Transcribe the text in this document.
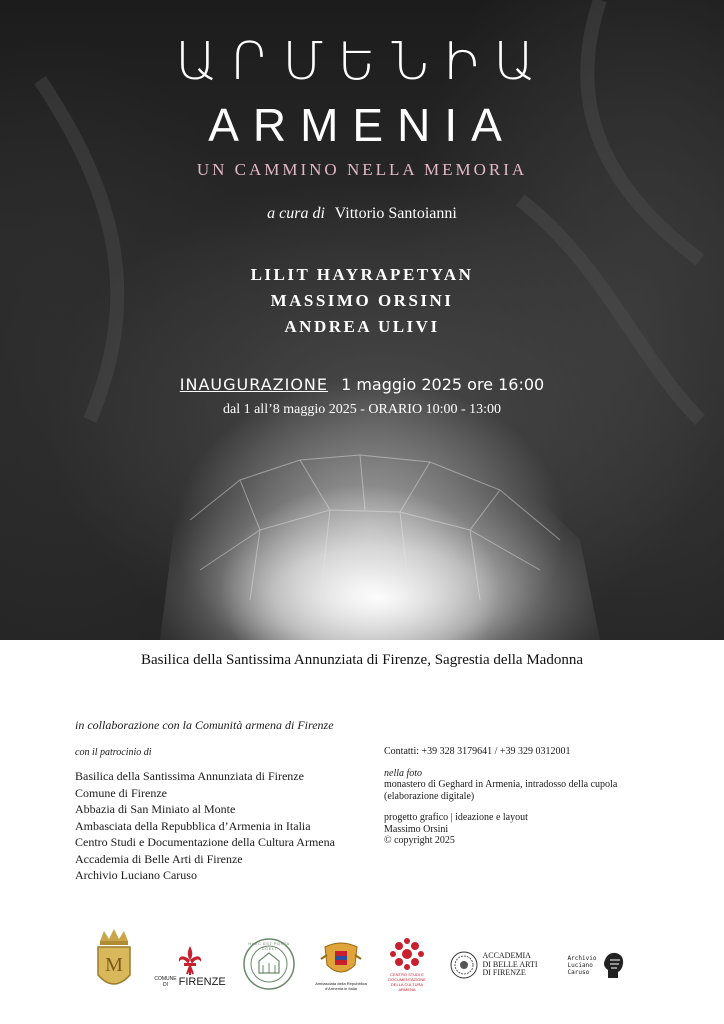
ԱՐՄԵՆԻԱ
ARMENIA
UN CAMMINO NELLA MEMORIA
a cura di Vittorio Santoianni
LILIT HAYRAPETYAN
MASSIMO ORSINI
ANDREA ULIVI
INAUGURAZIONE 1 maggio 2025 ore 16:00
dal 1 all’8 maggio 2025 - ORARIO 10:00 - 13:00
Basilica della Santissima Annunziata di Firenze, Sagrestia della Madonna
in collaborazione con la Comunità armena di Firenze
con il patrocinio di
Basilica della Santissima Annunziata di Firenze
Comune di Firenze
Abbazia di San Miniato al Monte
Ambasciata della Repubblica d’Armenia in Italia
Centro Studi e Documentazione della Cultura Armena
Accademia di Belle Arti di Firenze
Archivio Luciano Caruso
Contatti: +39 328 3179641 / +39 329 0312001
nella foto
monastero di Geghard in Armenia, intradosso della cupola
(elaborazione digitale)
progetto grafico | ideazione e layout
Massimo Orsini
© copyright 2025
M
COMUNE DI FIRENZE
HAEC EST PORTA COELI
Ambasciata della Repubblica d'Armenia in Italia
CENTRO STUDI E DOCUMENTAZIONE DELLA CULTURA ARMENA
ACCADEMIA
DI BELLE ARTI
DI FIRENZE
Archivio
Luciano
Caruso
